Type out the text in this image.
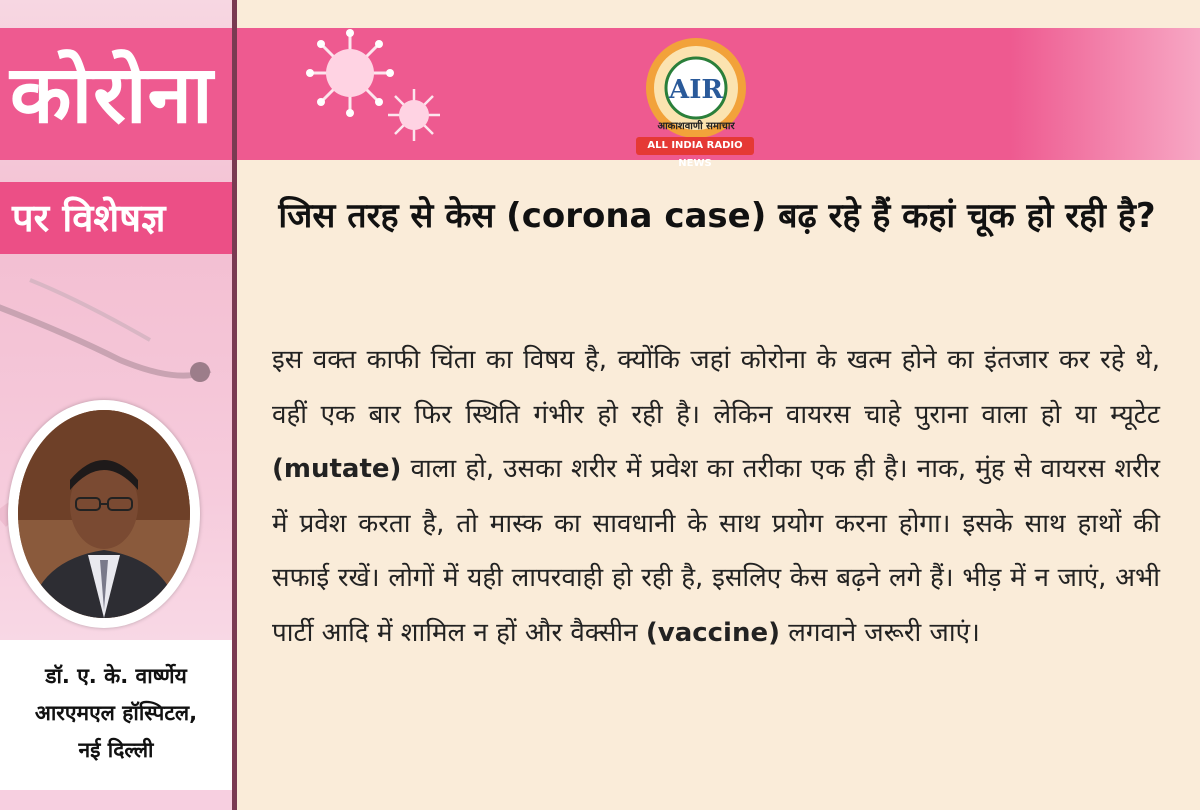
कोरोना	AIR
आकाशवाणी समाचार
ALL INDIA RADIO NEWS
पर विशेषज्ञ
डॉ. ए. के. वार्ष्णेय
आरएमएल हॉस्पिटल,
नई दिल्ली
जिस तरह से केस (corona case) बढ़ रहे हैं कहां चूक हो रही है?

इस वक्त काफी चिंता का विषय है, क्योंकि जहां कोरोना के खत्म होने का इंतजार कर रहे थे, वहीं एक बार फिर स्थिति गंभीर हो रही है। लेकिन वायरस चाहे पुराना वाला हो या म्यूटेट (mutate) वाला हो, उसका शरीर में प्रवेश का तरीका एक ही है। नाक, मुंह से वायरस शरीर में प्रवेश करता है, तो मास्क का सावधानी के साथ प्रयोग करना होगा। इसके साथ हाथों की सफाई रखें। लोगों में यही लापरवाही हो रही है, इसलिए केस बढ़ने लगे हैं। भीड़ में न जाएं, अभी पार्टी आदि में शामिल न हों और वैक्सीन (vaccine) लगवाने जरूरी जाएं।
